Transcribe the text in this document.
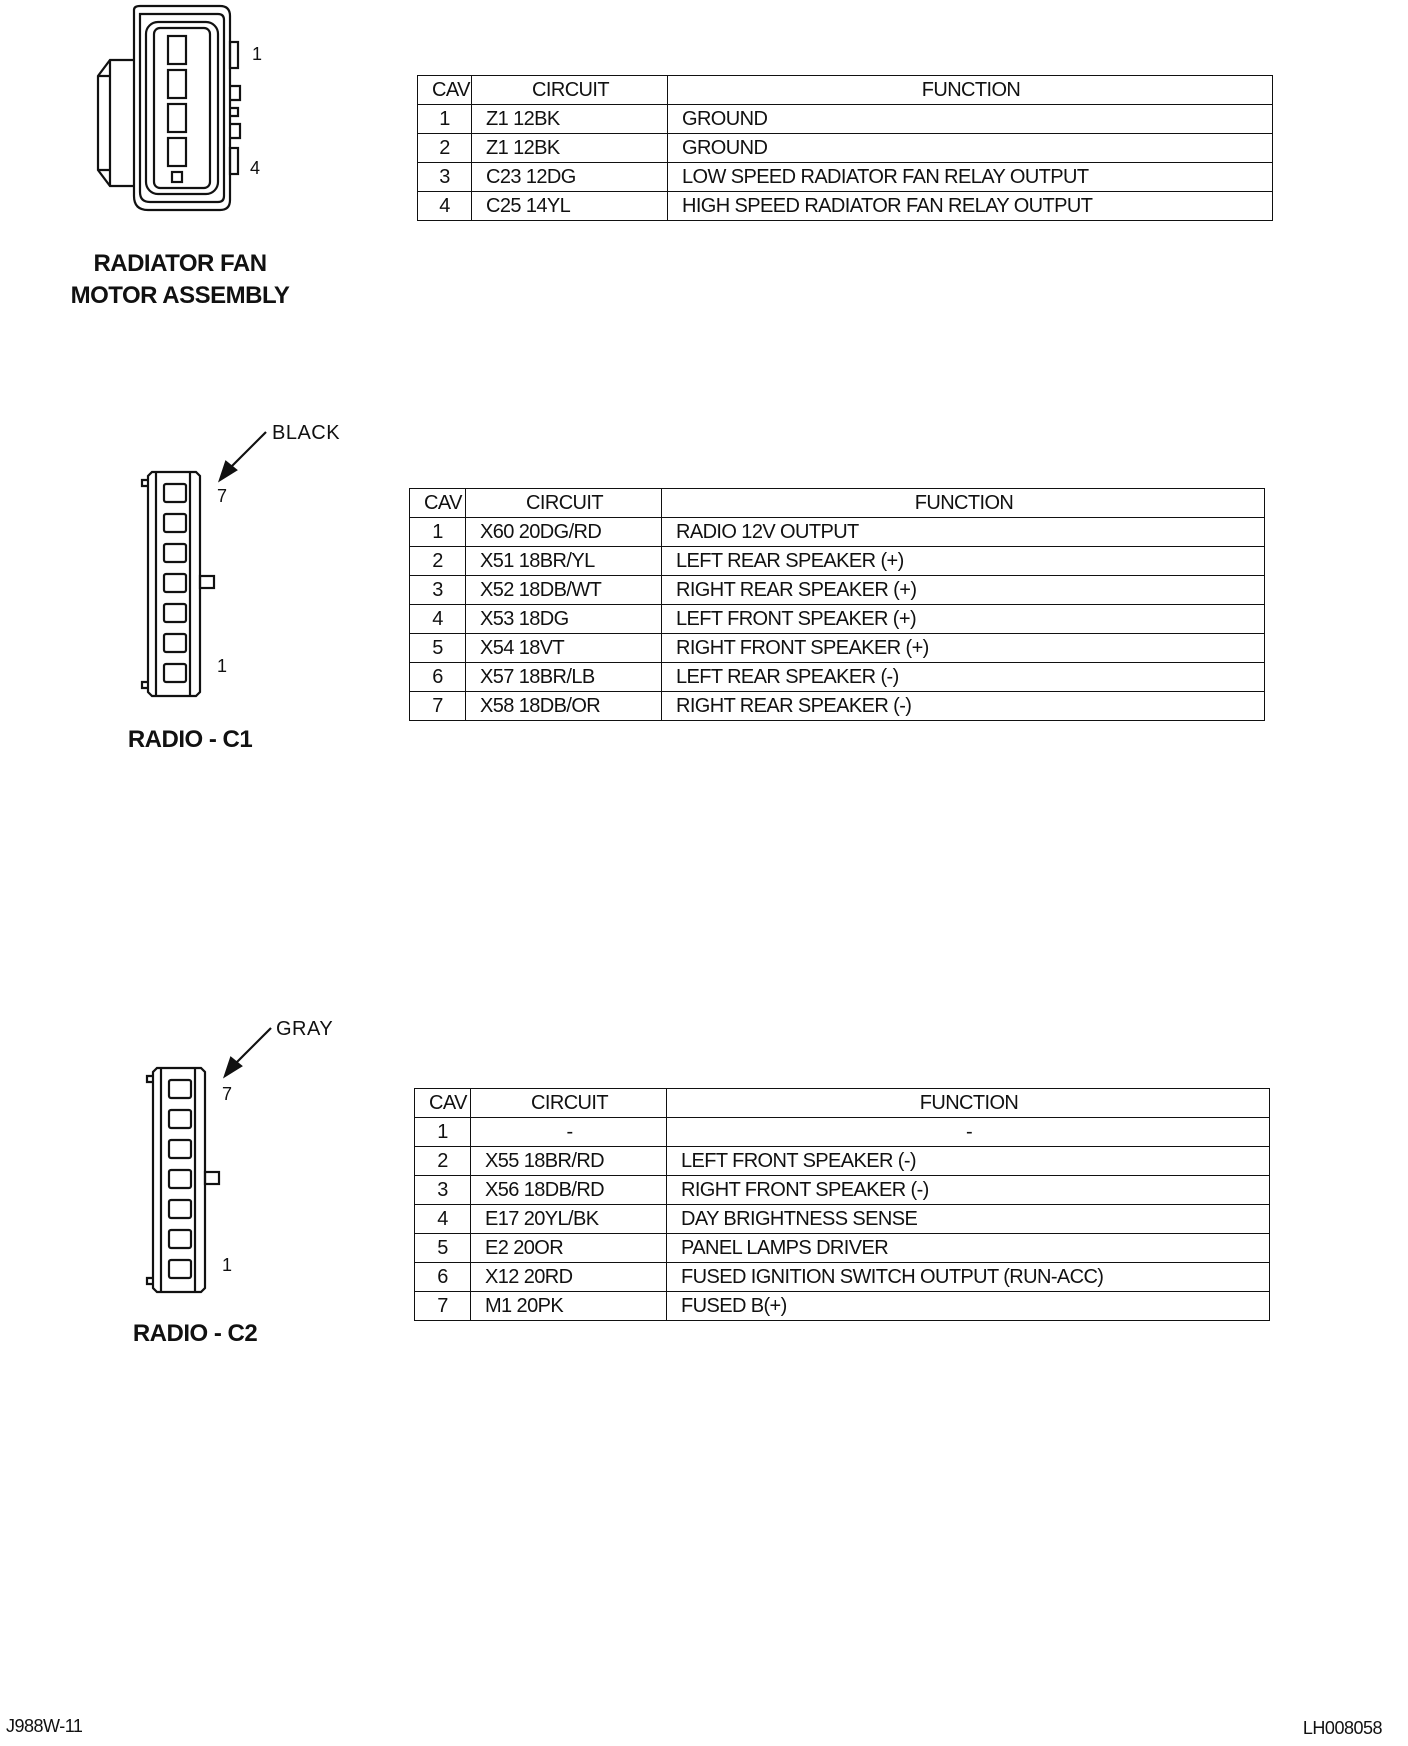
1
4
RADIATOR FAN
MOTOR ASSEMBLY
CAV	CIRCUIT	FUNCTION
1	Z1 12BK	GROUND
2	Z1 12BK	GROUND
3	C23 12DG	LOW SPEED RADIATOR FAN RELAY OUTPUT
4	C25 14YL	HIGH SPEED RADIATOR FAN RELAY OUTPUT
BLACK
7
1
RADIO - C1
CAV	CIRCUIT	FUNCTION
1	X60 20DG/RD	RADIO 12V OUTPUT
2	X51 18BR/YL	LEFT REAR SPEAKER (+)
3	X52 18DB/WT	RIGHT REAR SPEAKER (+)
4	X53 18DG	LEFT FRONT SPEAKER (+)
5	X54 18VT	RIGHT FRONT SPEAKER (+)
6	X57 18BR/LB	LEFT REAR SPEAKER (-)
7	X58 18DB/OR	RIGHT REAR SPEAKER (-)
GRAY
7
1
RADIO - C2
CAV	CIRCUIT	FUNCTION
1	-	-
2	X55 18BR/RD	LEFT FRONT SPEAKER (-)
3	X56 18DB/RD	RIGHT FRONT SPEAKER (-)
4	E17 20YL/BK	DAY BRIGHTNESS SENSE
5	E2 20OR	PANEL LAMPS DRIVER
6	X12 20RD	FUSED IGNITION SWITCH OUTPUT (RUN-ACC)
7	M1 20PK	FUSED B(+)
J988W-11	LH008058
